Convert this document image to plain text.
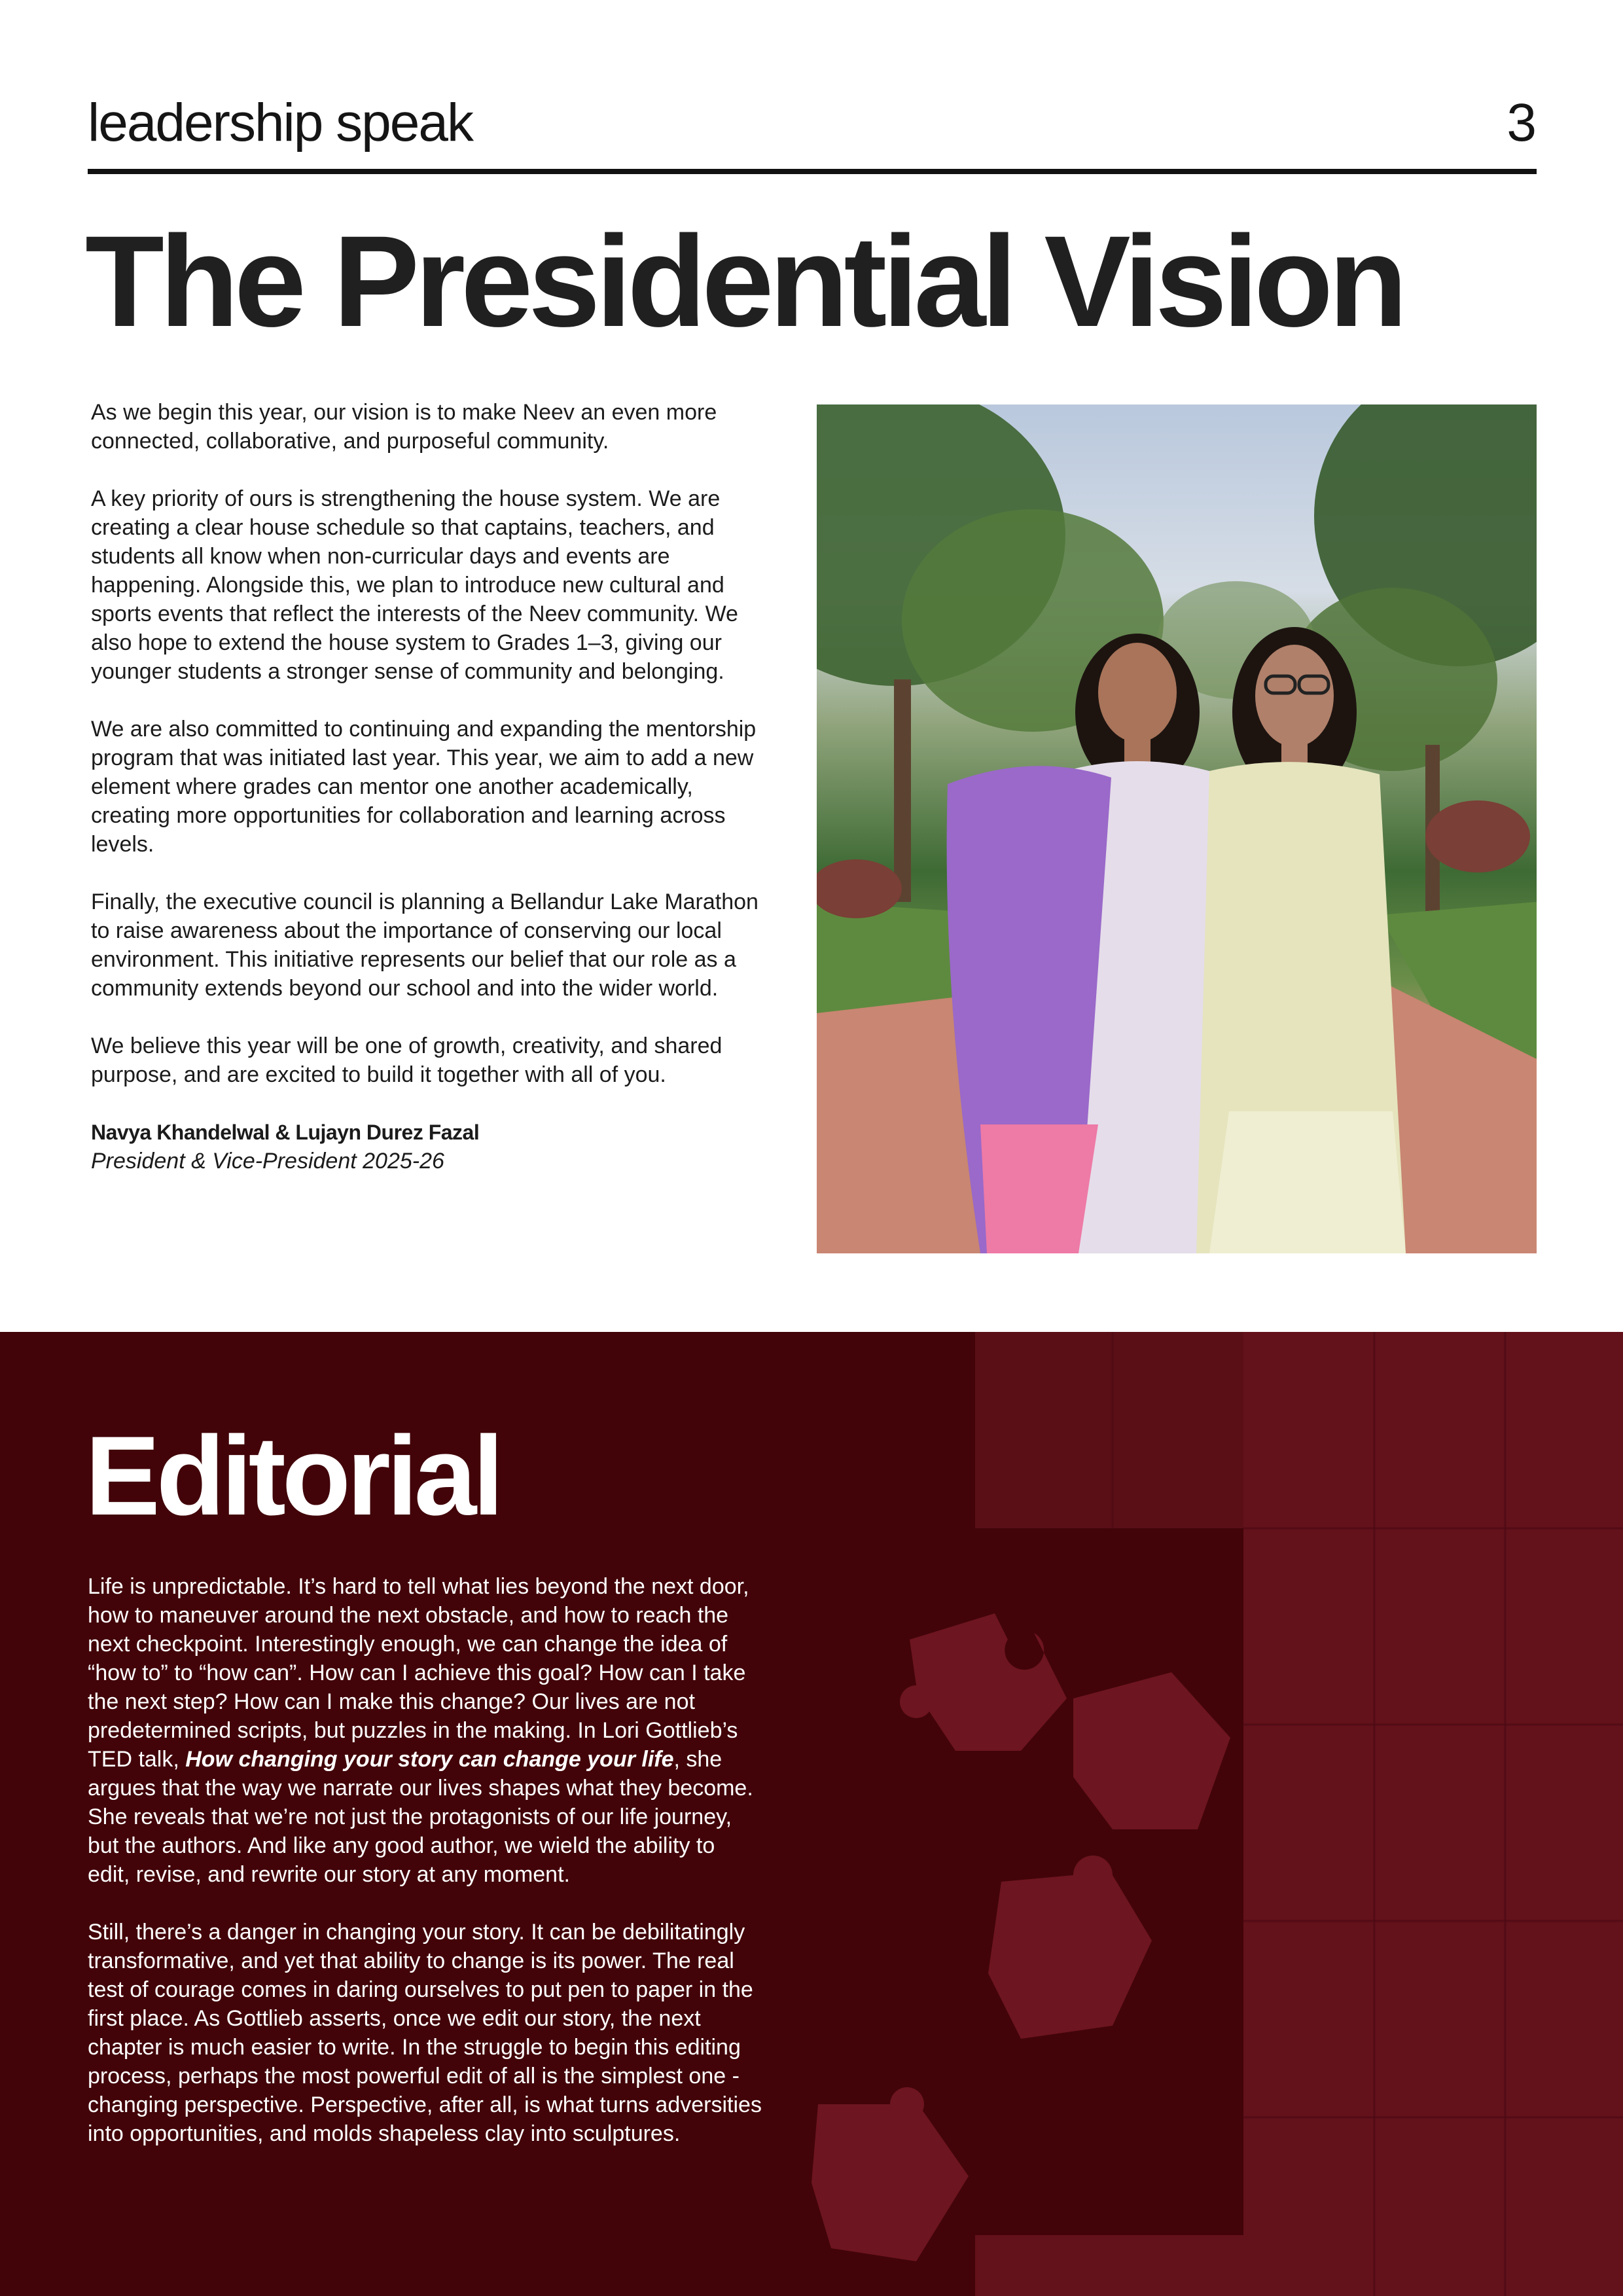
leadership speak	3
The Presidential Vision

As we begin this year, our vision is to make Neev an even more connected, collaborative, and purposeful community.

A key priority of ours is strengthening the house system. We are creating a clear house schedule so that captains, teachers, and students all know when non-curricular days and events are happening. Alongside this, we plan to introduce new cultural and sports events that reflect the interests of the Neev community. We also hope to extend the house system to Grades 1–3, giving our younger students a stronger sense of community and belonging.

We are also committed to continuing and expanding the mentorship program that was initiated last year. This year, we aim to add a new element where grades can mentor one another academically, creating more opportunities for collaboration and learning across levels.

Finally, the executive council is planning a Bellandur Lake Marathon to raise awareness about the importance of conserving our local environment. This initiative represents our belief that our role as a community extends beyond our school and into the wider world.

We believe this year will be one of growth, creativity, and shared purpose, and are excited to build it together with all of you.

Navya Khandelwal & Lujayn Durez Fazal
President & Vice-President 2025-26
Editorial

Life is unpredictable. It’s hard to tell what lies beyond the next door, how to maneuver around the next obstacle, and how to reach the next checkpoint. Interestingly enough, we can change the idea of “how to” to “how can”. How can I achieve this goal? How can I take the next step? How can I make this change? Our lives are not predetermined scripts, but puzzles in the making. In Lori Gottlieb’s TED talk, How changing your story can change your life, she argues that the way we narrate our lives shapes what they become. She reveals that we’re not just the protagonists of our life journey, but the authors. And like any good author, we wield the ability to edit, revise, and rewrite our story at any moment.

Still, there’s a danger in changing your story. It can be debilitatingly transformative, and yet that ability to change is its power. The real test of courage comes in daring ourselves to put pen to paper in the first place. As Gottlieb asserts, once we edit our story, the next chapter is much easier to write. In the struggle to begin this editing process, perhaps the most powerful edit of all is the simplest one - changing perspective. Perspective, after all, is what turns adversities into opportunities, and molds shapeless clay into sculptures.
